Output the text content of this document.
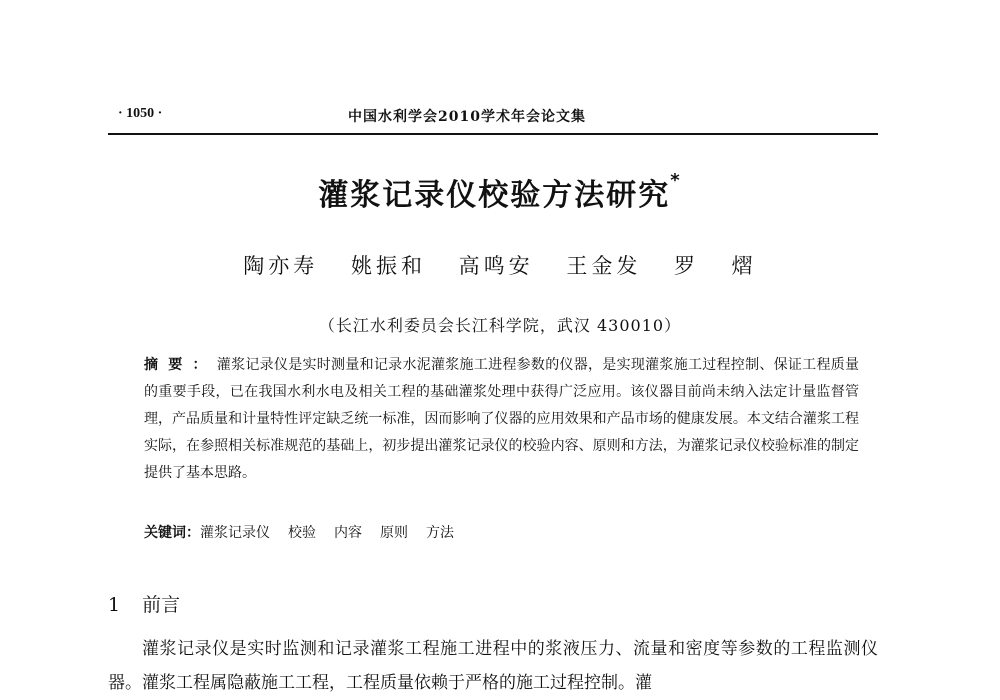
· 1050 ·	中国水利学会2010学术年会论文集
灌浆记录仪校验方法研究*
陶亦寿 姚振和 高鸣安 王金发 罗 熠
（长江水利委员会长江科学院，武汉 430010）
摘要：灌浆记录仪是实时测量和记录水泥灌浆施工进程参数的仪器，是实现灌浆施工过程控制、保证工程质量的重要手段，已在我国水利水电及相关工程的基础灌浆处理中获得广泛应用。该仪器目前尚未纳入法定计量监督管理，产品质量和计量特性评定缺乏统一标准，因而影响了仪器的应用效果和产品市场的健康发展。本文结合灌浆工程实际，在参照相关标准规范的基础上，初步提出灌浆记录仪的校验内容、原则和方法，为灌浆记录仪校验标准的制定提供了基本思路。
关键词：灌浆记录仪 校验 内容 原则 方法
1 前言
灌浆记录仪是实时监测和记录灌浆工程施工进程中的浆液压力、流量和密度等参数的工程监测仪器。灌浆工程属隐蔽施工工程，工程质量依赖于严格的施工过程控制。灌
